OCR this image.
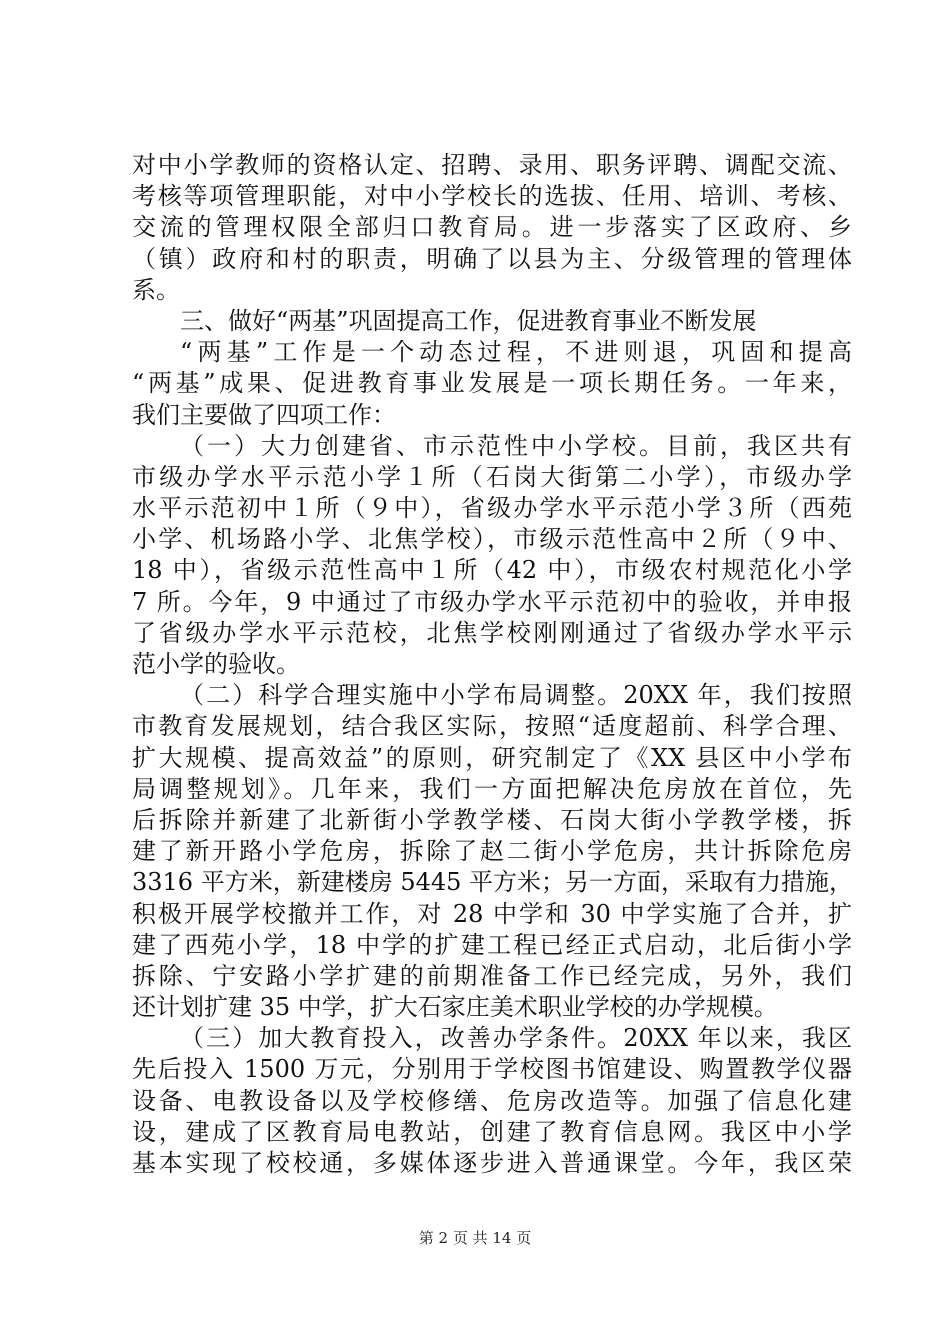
对中小学教师的资格认定、招聘、录用、职务评聘、调配交流、
考核等项管理职能，对中小学校长的选拔、任用、培训、考核、
交流的管理权限全部归口教育局。进一步落实了区政府、乡
（镇）政府和村的职责，明确了以县为主、分级管理的管理体
系。
三、做好“两基”巩固提高工作，促进教育事业不断发展
“两基”工作是一个动态过程，不进则退，巩固和提高
“两基”成果、促进教育事业发展是一项长期任务。一年来，
我们主要做了四项工作：
（一）大力创建省、市示范性中小学校。目前，我区共有
市级办学水平示范小学１所（石岗大街第二小学），市级办学
水平示范初中１所（９中），省级办学水平示范小学３所（西苑
小学、机场路小学、北焦学校），市级示范性高中２所（９中、
18 中），省级示范性高中１所（42 中），市级农村规范化小学
7 所。今年，9 中通过了市级办学水平示范初中的验收，并申报
了省级办学水平示范校，北焦学校刚刚通过了省级办学水平示
范小学的验收。
（二）科学合理实施中小学布局调整。20XX 年，我们按照
市教育发展规划，结合我区实际，按照“适度超前、科学合理、
扩大规模、提高效益”的原则，研究制定了《XX 县区中小学布
局调整规划》。几年来，我们一方面把解决危房放在首位，先
后拆除并新建了北新街小学教学楼、石岗大街小学教学楼，拆
建了新开路小学危房，拆除了赵二街小学危房，共计拆除危房
3316 平方米，新建楼房 5445 平方米；另一方面，采取有力措施，
积极开展学校撤并工作，对 28 中学和 30 中学实施了合并，扩
建了西苑小学，18 中学的扩建工程已经正式启动，北后街小学
拆除、宁安路小学扩建的前期准备工作已经完成，另外，我们
还计划扩建 35 中学，扩大石家庄美术职业学校的办学规模。
（三）加大教育投入，改善办学条件。20XX 年以来，我区
先后投入 1500 万元，分别用于学校图书馆建设、购置教学仪器
设备、电教设备以及学校修缮、危房改造等。加强了信息化建
设，建成了区教育局电教站，创建了教育信息网。我区中小学
基本实现了校校通，多媒体逐步进入普通课堂。今年，我区荣
第 2 页 共 14 页
